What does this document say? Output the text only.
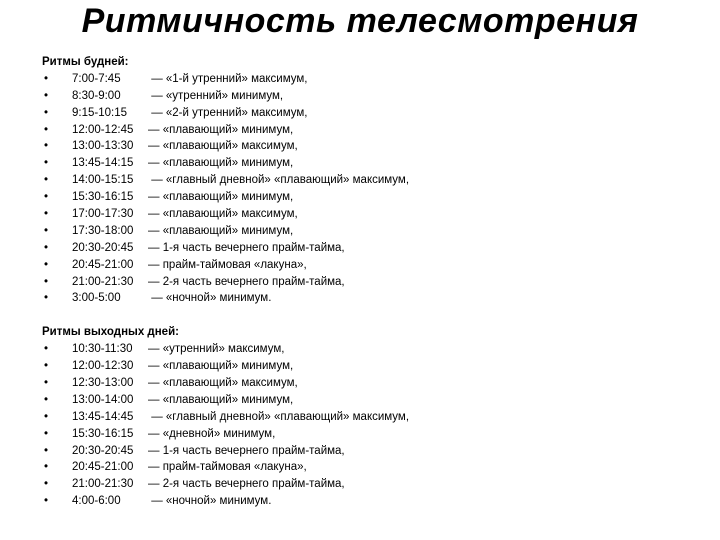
Ритмичность телесмотрения
Ритмы будней:
•	7:00-7:45	— «1-й утренний» максимум,
•	8:30-9:00	— «утренний» минимум,
•	9:15-10:15	— «2-й утренний» максимум,
•	12:00-12:45	— «плавающий» минимум,
•	13:00-13:30	— «плавающий» максимум,
•	13:45-14:15	— «плавающий» минимум,
•	14:00-15:15	— «главный дневной» «плавающий» максимум,
•	15:30-16:15	— «плавающий» минимум,
•	17:00-17:30	— «плавающий» максимум,
•	17:30-18:00	— «плавающий» минимум,
•	20:30-20:45	— 1-я часть вечернего прайм-тайма,
•	20:45-21:00	— прайм-таймовая «лакуна»,
•	21:00-21:30	— 2-я часть вечернего прайм-тайма,
•	3:00-5:00	— «ночной» минимум.
Ритмы выходных дней:
•	10:30-11:30	— «утренний» максимум,
•	12:00-12:30	— «плавающий» минимум,
•	12:30-13:00	— «плавающий» максимум,
•	13:00-14:00	— «плавающий» минимум,
•	13:45-14:45	— «главный дневной» «плавающий» максимум,
•	15:30-16:15	— «дневной» минимум,
•	20:30-20:45	— 1-я часть вечернего прайм-тайма,
•	20:45-21:00	— прайм-таймовая «лакуна»,
•	21:00-21:30	— 2-я часть вечернего прайм-тайма,
•	4:00-6:00	— «ночной» минимум.
